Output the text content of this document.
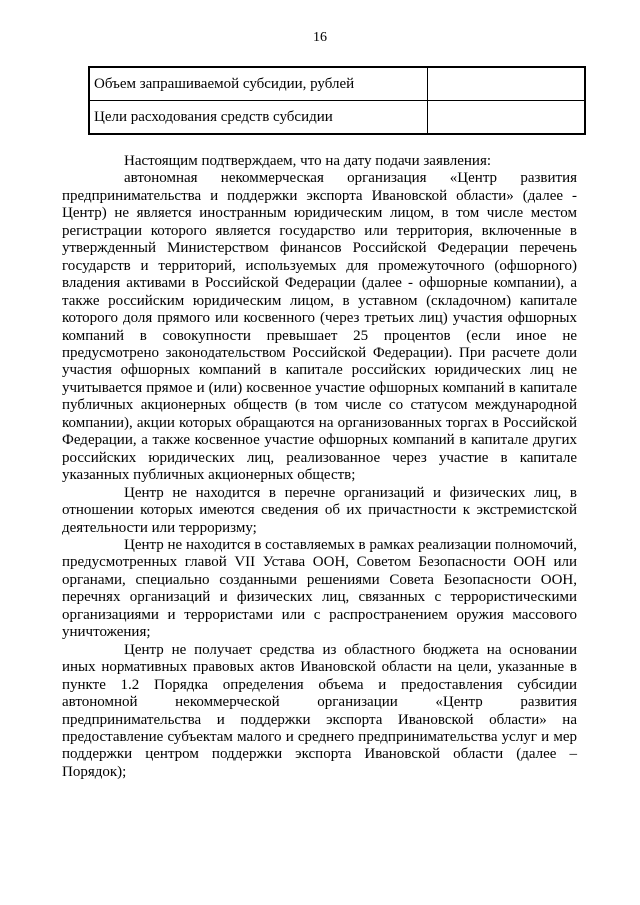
16
Объем запрашиваемой субсидии, рублей	
Цели расходования средств субсидии	

Настоящим подтверждаем, что на дату подачи заявления:

автономная некоммерческая организация «Центр развития предпринимательства и поддержки экспорта Ивановской области» (далее - Центр) не является иностранным юридическим лицом, в том числе местом регистрации которого является государство или территория, включенные в утвержденный Министерством финансов Российской Федерации перечень государств и территорий, используемых для промежуточного (офшорного) владения активами в Российской Федерации (далее - офшорные компании), а также российским юридическим лицом, в уставном (складочном) капитале которого доля прямого или косвенного (через третьих лиц) участия офшорных компаний в совокупности превышает 25 процентов (если иное не предусмотрено законодательством Российской Федерации). При расчете доли участия офшорных компаний в капитале российских юридических лиц не учитывается прямое и (или) косвенное участие офшорных компаний в капитале публичных акционерных обществ (в том числе со статусом международной компании), акции которых обращаются на организованных торгах в Российской Федерации, а также косвенное участие офшорных компаний в капитале других российских юридических лиц, реализованное через участие в капитале указанных публичных акционерных обществ;

Центр не находится в перечне организаций и физических лиц, в отношении которых имеются сведения об их причастности к экстремистской деятельности или терроризму;

Центр не находится в составляемых в рамках реализации полномочий, предусмотренных главой VII Устава ООН, Советом Безопасности ООН или органами, специально созданными решениями Совета Безопасности ООН, перечнях организаций и физических лиц, связанных с террористическими организациями и террористами или с распространением оружия массового уничтожения;

Центр не получает средства из областного бюджета на основании иных нормативных правовых актов Ивановской области на цели, указанные в пункте 1.2 Порядка определения объема и предоставления субсидии автономной некоммерческой организации «Центр развития предпринимательства и поддержки экспорта Ивановской области» на предоставление субъектам малого и среднего предпринимательства услуг и мер поддержки центром поддержки экспорта Ивановской области (далее – Порядок);
